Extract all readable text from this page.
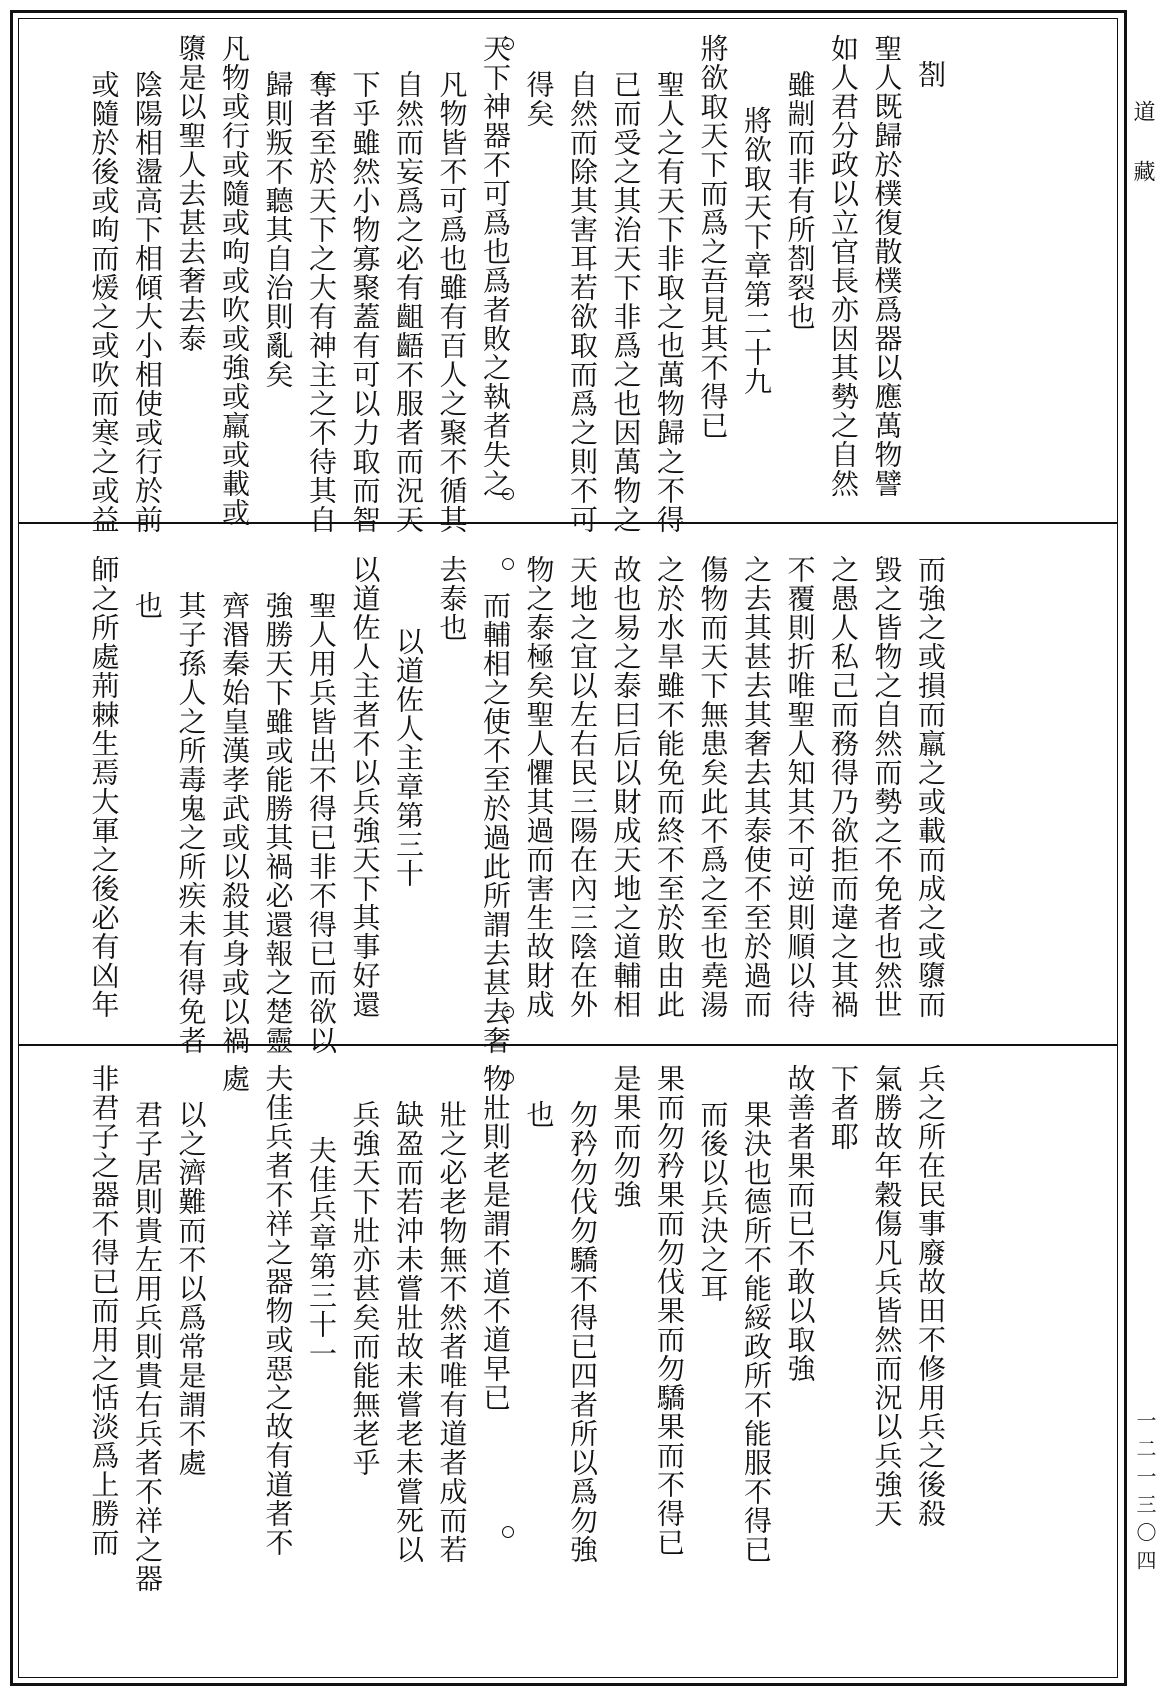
道藏
一二一三〇四
剳
聖人既歸於樸復散樸爲器以應萬物譬
如人君分政以立官長亦因其勢之自然
雖剬而非有所剳裂也
將欲取天下章第二十九
將欲取天下而爲之吾見其不得已
聖人之有天下非取之也萬物歸之不得
已而受之其治天下非爲之也因萬物之
自然而除其害耳若欲取而爲之則不可
得矣
天下神器不可爲也爲者敗之執者失之
凡物皆不可爲也雖有百人之聚不循其
自然而妄爲之必有齟齬不服者而況天
下乎雖然小物寡聚蓋有可以力取而智
奪者至於天下之大有神主之不待其自
歸則叛不聽其自治則亂矣
凡物或行或隨或呴或吹或強或羸或載或
隳是以聖人去甚去奢去泰
陰陽相盪高下相傾大小相使或行於前
或隨於後或呴而煖之或吹而寒之或益
而強之或損而羸之或載而成之或隳而
毀之皆物之自然而勢之不免者也然世
之愚人私己而務得乃欲拒而違之其禍
不覆則折唯聖人知其不可逆則順以待
之去其甚去其奢去其泰使不至於過而
傷物而天下無患矣此不爲之至也堯湯
之於水旱雖不能免而終不至於敗由此
故也易之泰曰后以財成天地之道輔相
天地之宜以左右民三陽在內三陰在外
物之泰極矣聖人懼其過而害生故財成
而輔相之使不至於過此所謂去甚去奢
去泰也
以道佐人主章第三十
以道佐人主者不以兵強天下其事好還
聖人用兵皆出不得已非不得已而欲以
強勝天下雖或能勝其禍必還報之楚靈
齊湣秦始皇漢孝武或以殺其身或以禍
其子孫人之所毒鬼之所疾未有得免者
也
師之所處荊棘生焉大軍之後必有凶年
兵之所在民事廢故田不修用兵之後殺
氣勝故年穀傷凡兵皆然而況以兵強天
下者耶
故善者果而已不敢以取強
果決也德所不能綏政所不能服不得已
而後以兵決之耳
果而勿矜果而勿伐果而勿驕果而不得已
是果而勿強
勿矜勿伐勿驕不得已四者所以爲勿強
也
物壯則老是謂不道不道早已
壯之必老物無不然者唯有道者成而若
缺盈而若沖未嘗壯故未嘗老未嘗死以
兵強天下壯亦甚矣而能無老乎
夫佳兵章第三十一
夫佳兵者不祥之器物或惡之故有道者不
處
以之濟難而不以爲常是謂不處
君子居則貴左用兵則貴右兵者不祥之器
非君子之器不得已而用之恬淡爲上勝而
